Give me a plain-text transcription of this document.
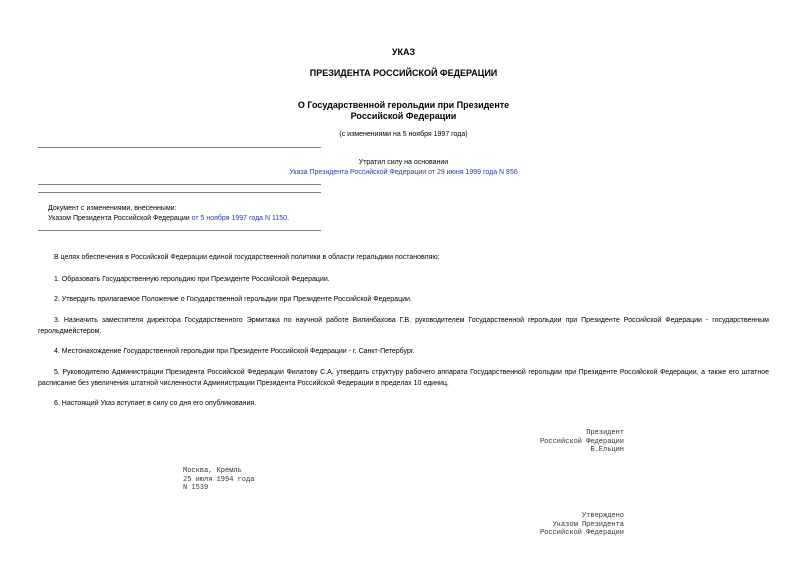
УКАЗ
ПРЕЗИДЕНТА РОССИЙСКОЙ ФЕДЕРАЦИИ
О Государственной герольдии при Президенте
Российской Федерации
(с изменениями на 5 ноября 1997 года)
Утратил силу на основании
Указа Президента Российской Федерации от 29 июня 1999 года N 856
Документ с изменениями, внесенными:
Указом Президента Российской Федерации от 5 ноября 1997 года N 1150.
В целях обеспечения в Российской Федерации единой государственной политики в области геральдики постановляю:
1. Образовать Государственную герольдию при Президенте Российской Федерации.
2. Утвердить прилагаемое Положение о Государственной герольдии при Президенте Российской Федерации.
3. Назначить заместителя директора Государственного Эрмитажа по научной работе Вилинбахова Г.В. руководителем Государственной герольдии при Президенте Российской Федерации - государственным герольдмейстером.
4. Местонахождение Государственной герольдии при Президенте Российской Федерации - г. Санкт-Петербург.
5. Руководителю Администрации Президента Российской Федерации Филатову С.А. утвердить структуру рабочего аппарата Государственной герольдии при Президенте Российской Федерации, а также его штатное расписание без увеличения штатной численности Администрации Президента Российской Федерации в пределах 10 единиц.
6. Настоящий Указ вступает в силу со дня его опубликования.
Президент
Российской Федерации
Б.Ельцин
Москва, Кремль
25 июля 1994 года
N 1539
Утверждено
Указом Президента
Российской Федерации
